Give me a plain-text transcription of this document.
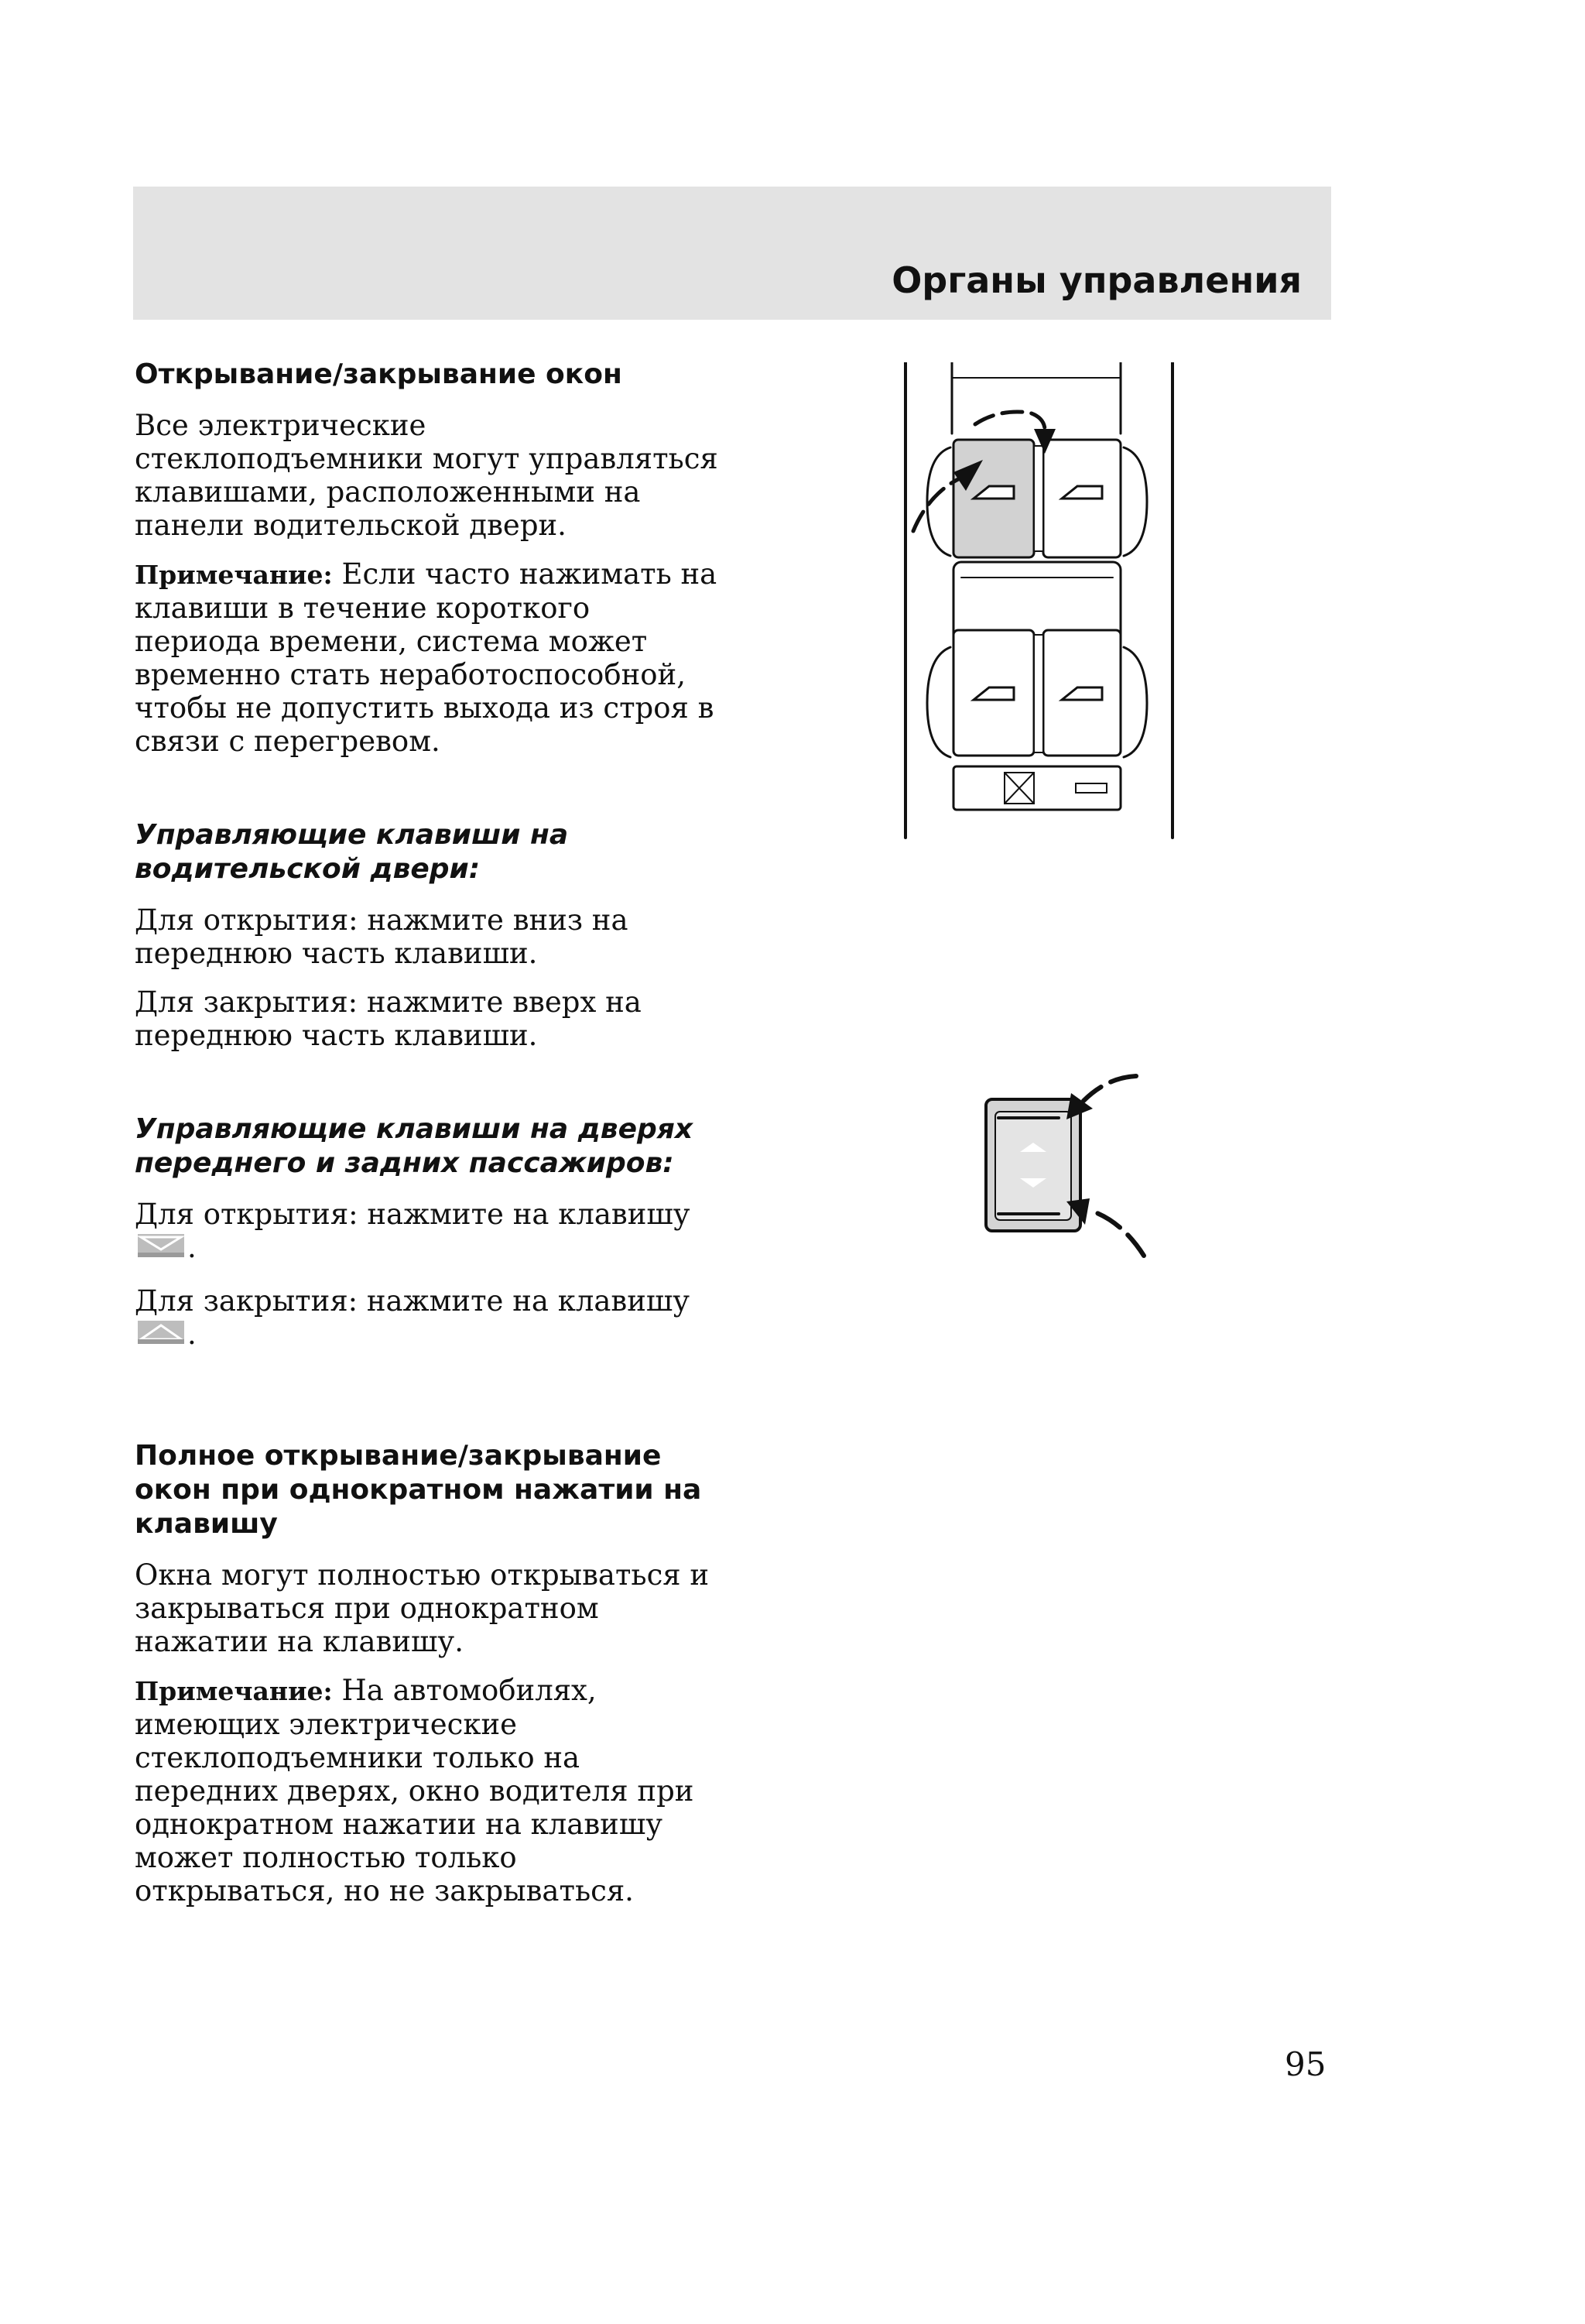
Органы управления
Открывание/закрывание окон

Все электрические стеклоподъемники могут управляться клавишами, расположенными на панели водительской двери.

Примечание: Если часто нажимать на клавиши в течение короткого периода времени, система может временно стать неработоспособной, чтобы не допустить выхода из строя в связи с перегревом.

Управляющие клавиши на водительской двери:

Для открытия: нажмите вниз на переднюю часть клавиши.

Для закрытия: нажмите вверх на переднюю часть клавиши.

Управляющие клавиши на дверях переднего и задних пассажиров:

Для открытия: нажмите на клавишу.

Для закрытия: нажмите на клавишу.

Полное открывание/закрывание окон при однократном нажатии на клавишу

Окна могут полностью открываться и закрываться при однократном нажатии на клавишу.

Примечание: На автомобилях, имеющих электрические стеклоподъемники только на передних дверях, окно водителя при однократном нажатии на клавишу может полностью только открываться, но не закрываться.

95
